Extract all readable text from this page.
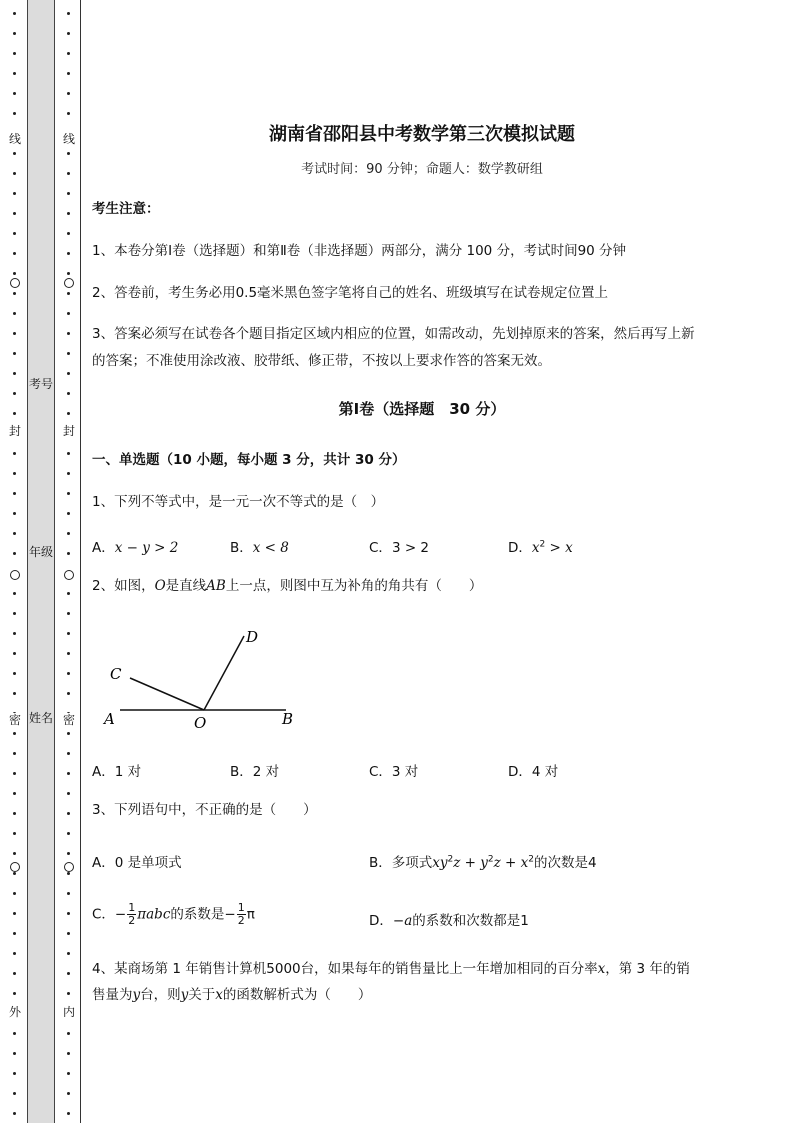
线
封
密
外
考号
年级
姓名
线
封
密
内
湖南省邵阳县中考数学第三次模拟试题
考试时间：90 分钟；命题人：数学教研组
考生注意：
1、本卷分第Ⅰ卷（选择题）和第Ⅱ卷（非选择题）两部分，满分 100 分，考试时间90 分钟
2、答卷前，考生务必用0.5毫米黑色签字笔将自己的姓名、班级填写在试卷规定位置上
3、答案必须写在试卷各个题目指定区域内相应的位置，如需改动，先划掉原来的答案，然后再写上新
的答案；不准使用涂改液、胶带纸、修正带，不按以上要求作答的答案无效。
第Ⅰ卷（选择题　30 分）
一、单选题（10 小题，每小题 3 分，共计 30 分）
1、下列不等式中，是一元一次不等式的是（　）
A．x − y > 2	B．x < 8	C．3 > 2	D．$x^2 > x$
2、如图，O是直线AB上一点，则图中互为补角的角共有（　　）
A	O	B
C
D
A．1 对	B．2 对	C．3 对	D．4 对
3、下列语句中，不正确的是（　　）
A．0 是单项式	B．多项式$xy^2z + y^2z + x^2$的次数是4
C．− $\frac{1}{2}$ πabc的系数是− $\frac{1}{2}$ π	D．−a的系数和次数都是1
4、某商场第 1 年销售计算机5000台，如果每年的销售量比上一年增加相同的百分率x，第 3 年的销
售量为y台，则y关于x的函数解析式为（　　）
